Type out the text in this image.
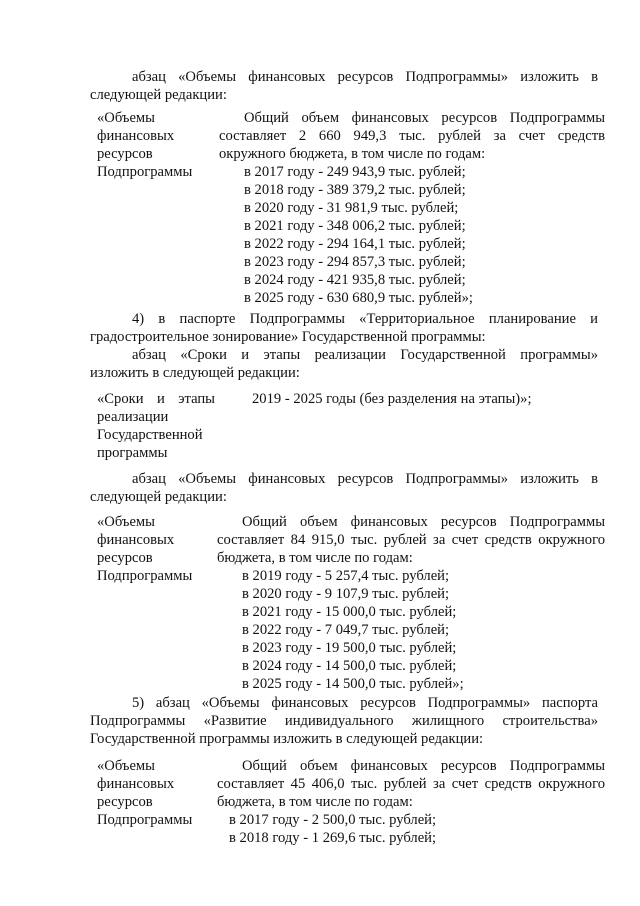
абзац «Объемы финансовых ресурсов Подпрограммы» изложить в
следующей редакции:

«Объемы
финансовых
ресурсов
Подпрограммы
Общий объем финансовых ресурсов Подпрограммы
составляет 2 660 949,3 тыс. рублей за счет средств
окружного бюджета, в том числе по годам:
в 2017 году - 249 943,9 тыс. рублей;
в 2018 году - 389 379,2 тыс. рублей;
в 2020 году - 31 981,9 тыс. рублей;
в 2021 году - 348 006,2 тыс. рублей;
в 2022 году - 294 164,1 тыс. рублей;
в 2023 году - 294 857,3 тыс. рублей;
в 2024 году - 421 935,8 тыс. рублей;
в 2025 году - 630 680,9 тыс. рублей»;

4) в паспорте Подпрограммы «Территориальное планирование и
градостроительное зонирование» Государственной программы:

абзац «Сроки и этапы реализации Государственной программы»
изложить в следующей редакции:

«Сроки и этапы
реализации
Государственной
программы
2019 - 2025 годы (без разделения на этапы)»;

абзац «Объемы финансовых ресурсов Подпрограммы» изложить в
следующей редакции:

«Объемы
финансовых
ресурсов
Подпрограммы
Общий объем финансовых ресурсов Подпрограммы
составляет 84 915,0 тыс. рублей за счет средств окружного
бюджета, в том числе по годам:
в 2019 году - 5 257,4 тыс. рублей;
в 2020 году - 9 107,9 тыс. рублей;
в 2021 году - 15 000,0 тыс. рублей;
в 2022 году - 7 049,7 тыс. рублей;
в 2023 году - 19 500,0 тыс. рублей;
в 2024 году - 14 500,0 тыс. рублей;
в 2025 году - 14 500,0 тыс. рублей»;

5) абзац «Объемы финансовых ресурсов Подпрограммы» паспорта
Подпрограммы «Развитие индивидуального жилищного строительства»
Государственной программы изложить в следующей редакции:

«Объемы
финансовых
ресурсов
Подпрограммы
Общий объем финансовых ресурсов Подпрограммы
составляет 45 406,0 тыс. рублей за счет средств окружного
бюджета, в том числе по годам:
в 2017 году - 2 500,0 тыс. рублей;
в 2018 году - 1 269,6 тыс. рублей;
